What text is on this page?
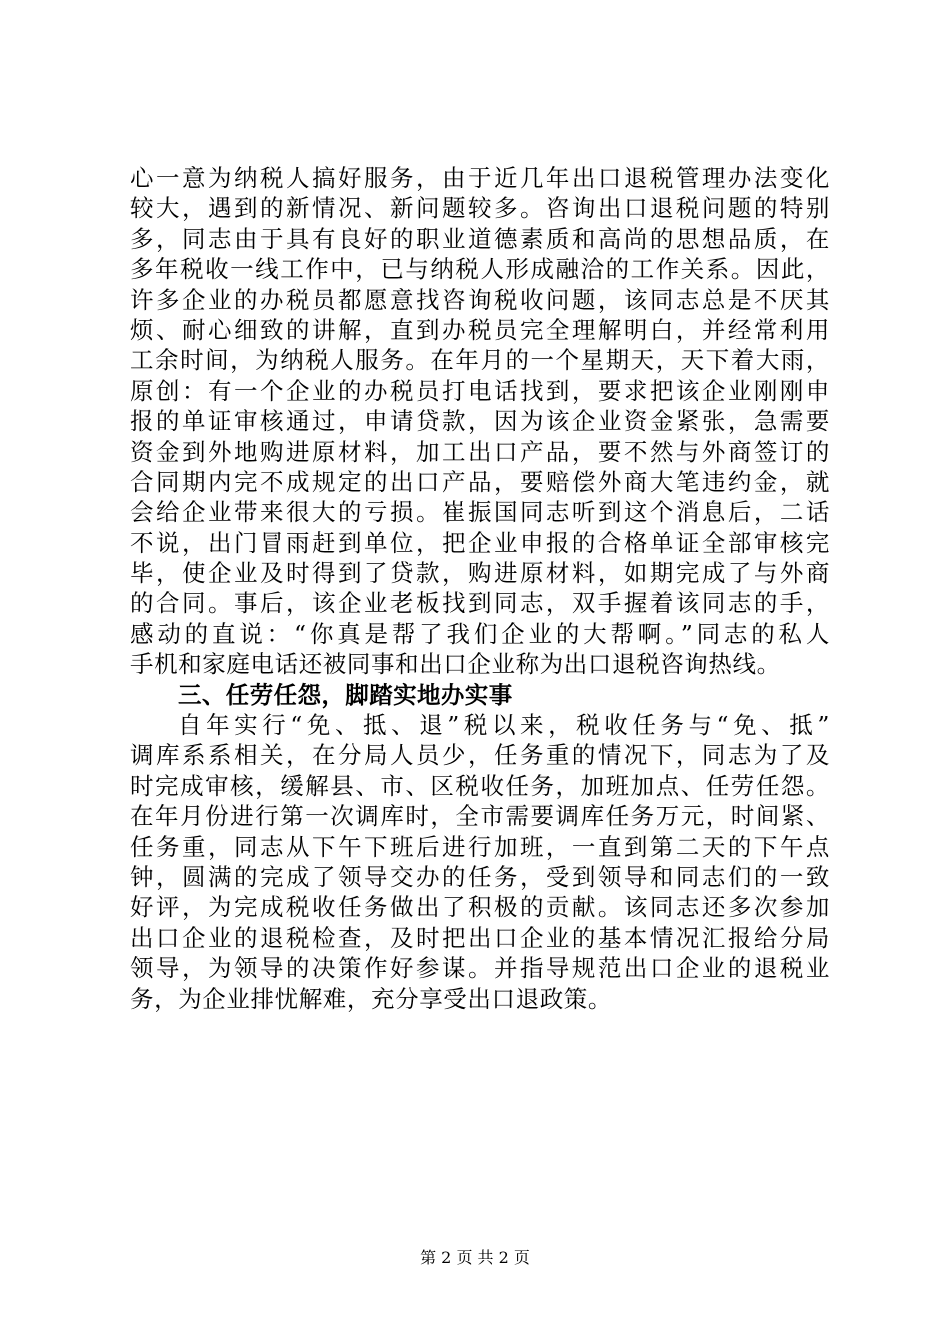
心一意为纳税人搞好服务，由于近几年出口退税管理办法变化
较大，遇到的新情况、新问题较多。咨询出口退税问题的特别
多，同志由于具有良好的职业道德素质和高尚的思想品质，在
多年税收一线工作中，已与纳税人形成融洽的工作关系。因此，
许多企业的办税员都愿意找咨询税收问题，该同志总是不厌其
烦、耐心细致的讲解，直到办税员完全理解明白，并经常利用
工余时间，为纳税人服务。在年月的一个星期天，天下着大雨，
原创：有一个企业的办税员打电话找到，要求把该企业刚刚申
报的单证审核通过，申请贷款，因为该企业资金紧张，急需要
资金到外地购进原材料，加工出口产品，要不然与外商签订的
合同期内完不成规定的出口产品，要赔偿外商大笔违约金，就
会给企业带来很大的亏损。崔振国同志听到这个消息后，二话
不说，出门冒雨赶到单位，把企业申报的合格单证全部审核完
毕，使企业及时得到了贷款，购进原材料，如期完成了与外商
的合同。事后，该企业老板找到同志，双手握着该同志的手，
感动的直说：“你真是帮了我们企业的大帮啊。”同志的私人
手机和家庭电话还被同事和出口企业称为出口退税咨询热线。
三、任劳任怨，脚踏实地办实事
自年实行“免、抵、退”税以来，税收任务与“免、抵”
调库系系相关，在分局人员少，任务重的情况下，同志为了及
时完成审核，缓解县、市、区税收任务，加班加点、任劳任怨。
在年月份进行第一次调库时，全市需要调库任务万元，时间紧、
任务重，同志从下午下班后进行加班，一直到第二天的下午点
钟，圆满的完成了领导交办的任务，受到领导和同志们的一致
好评，为完成税收任务做出了积极的贡献。该同志还多次参加
出口企业的退税检查，及时把出口企业的基本情况汇报给分局
领导，为领导的决策作好参谋。并指导规范出口企业的退税业
务，为企业排忧解难，充分享受出口退政策。
第 2 页 共 2 页
